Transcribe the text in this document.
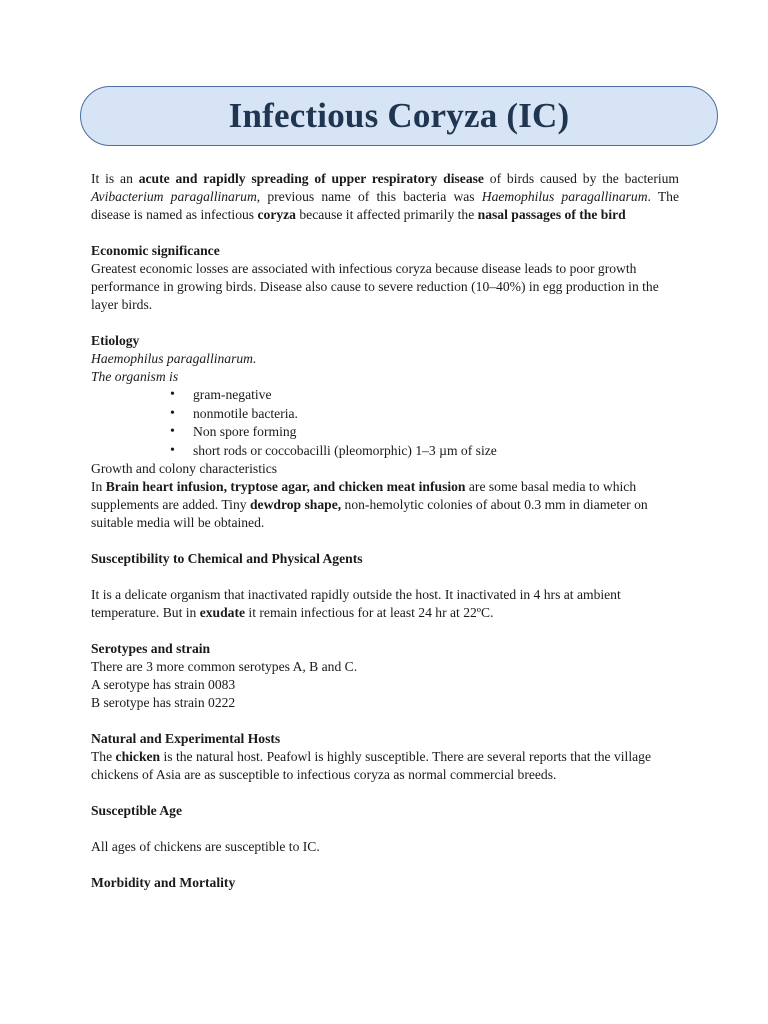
Infectious Coryza (IC)

It is an acute and rapidly spreading of upper respiratory disease of birds caused by the bacterium Avibacterium paragallinarum, previous name of this bacteria was Haemophilus paragallinarum. The disease is named as infectious coryza because it affected primarily the nasal passages of the bird

Economic significance

Greatest economic losses are associated with infectious coryza because disease leads to poor growth performance in growing birds. Disease also cause to severe reduction (10–40%) in egg production in the layer birds.

Etiology

Haemophilus paragallinarum.

The organism is

• gram-negative
• nonmotile bacteria.
• Non spore forming
• short rods or coccobacilli (pleomorphic) 1–3 µm of size

Growth and colony characteristics

In Brain heart infusion, tryptose agar, and chicken meat infusion are some basal media to which supplements are added. Tiny dewdrop shape, non-hemolytic colonies of about 0.3 mm in diameter on suitable media will be obtained.

Susceptibility to Chemical and Physical Agents

It is a delicate organism that inactivated rapidly outside the host. It inactivated in 4 hrs at ambient temperature. But in exudate it remain infectious for at least 24 hr at 22ºC.

Serotypes and strain

There are 3 more common serotypes A, B and C.

A serotype has strain 0083

B serotype has strain 0222

Natural and Experimental Hosts

The chicken is the natural host. Peafowl is highly susceptible. There are several reports that the village chickens of Asia are as susceptible to infectious coryza as normal commercial breeds.

Susceptible Age

All ages of chickens are susceptible to IC.

Morbidity and Mortality
